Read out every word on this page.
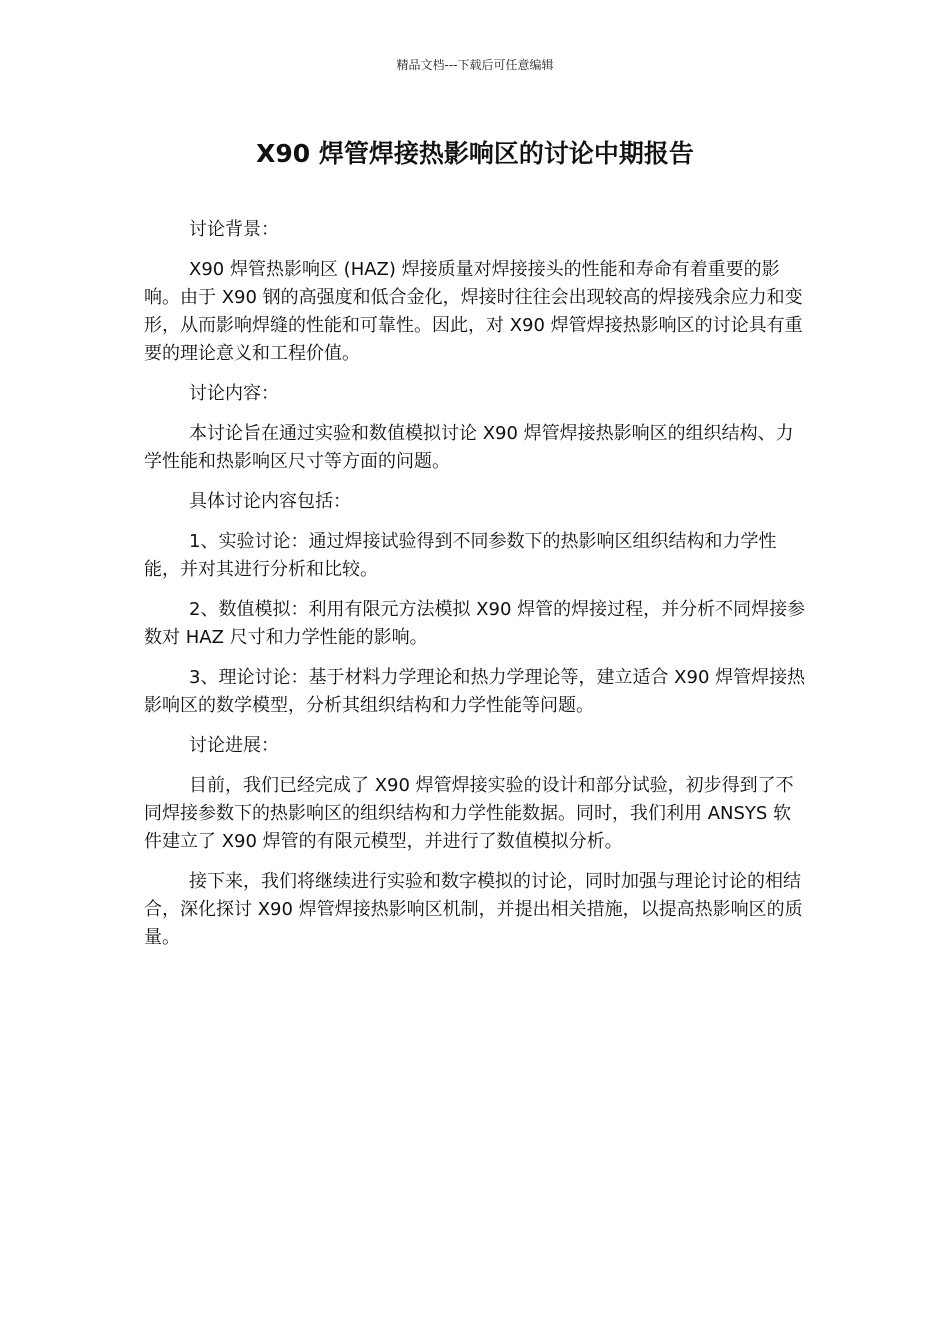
精品文档---下载后可任意编辑
X90 焊管焊接热影响区的讨论中期报告

讨论背景：

X90 焊管热影响区 (HAZ) 焊接质量对焊接接头的性能和寿命有着重要的影响。由于 X90 钢的高强度和低合金化，焊接时往往会出现较高的焊接残余应力和变形，从而影响焊缝的性能和可靠性。因此，对 X90 焊管焊接热影响区的讨论具有重要的理论意义和工程价值。

讨论内容：

本讨论旨在通过实验和数值模拟讨论 X90 焊管焊接热影响区的组织结构、力学性能和热影响区尺寸等方面的问题。

具体讨论内容包括：

1、实验讨论：通过焊接试验得到不同参数下的热影响区组织结构和力学性能，并对其进行分析和比较。

2、数值模拟：利用有限元方法模拟 X90 焊管的焊接过程，并分析不同焊接参数对 HAZ 尺寸和力学性能的影响。

3、理论讨论：基于材料力学理论和热力学理论等，建立适合 X90 焊管焊接热影响区的数学模型，分析其组织结构和力学性能等问题。

讨论进展：

目前，我们已经完成了 X90 焊管焊接实验的设计和部分试验，初步得到了不同焊接参数下的热影响区的组织结构和力学性能数据。同时，我们利用 ANSYS 软件建立了 X90 焊管的有限元模型，并进行了数值模拟分析。

接下来，我们将继续进行实验和数字模拟的讨论，同时加强与理论讨论的相结合，深化探讨 X90 焊管焊接热影响区机制，并提出相关措施，以提高热影响区的质量。
